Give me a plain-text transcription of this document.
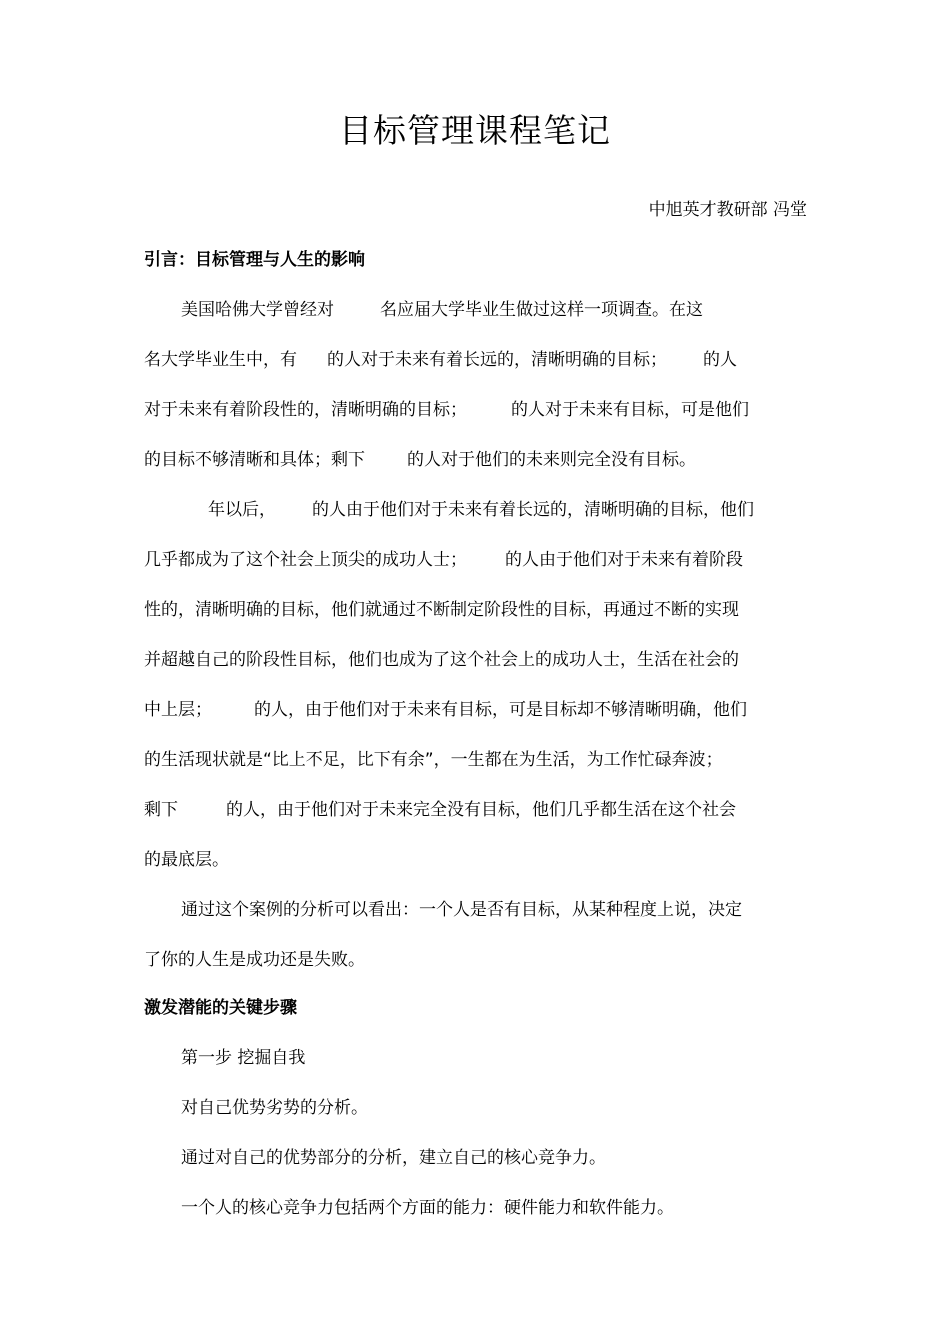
目标管理课程笔记
中旭英才教研部 冯堂
引言：目标管理与人生的影响
美国哈佛大学曾经对	名应届大学毕业生做过这样一项调查。在这
名大学毕业生中，有 的人对于未来有着长远的，清晰明确的目标； 的人
对于未来有着阶段性的，清晰明确的目标；	的人对于未来有目标，可是他们
的目标不够清晰和具体；剩下 的人对于他们的未来则完全没有目标。
年以后， 的人由于他们对于未来有着长远的，清晰明确的目标，他们
几乎都成为了这个社会上顶尖的成功人士； 的人由于他们对于未来有着阶段
性的，清晰明确的目标，他们就通过不断制定阶段性的目标，再通过不断的实现
并超越自己的阶段性目标，他们也成为了这个社会上的成功人士，生活在社会的
中上层； 的人，由于他们对于未来有目标，可是目标却不够清晰明确，他们
的生活现状就是“比上不足，比下有余”，一生都在为生活，为工作忙碌奔波；
剩下	的人，由于他们对于未来完全没有目标，他们几乎都生活在这个社会
的最底层。
通过这个案例的分析可以看出：一个人是否有目标，从某种程度上说，决定
了你的人生是成功还是失败。
激发潜能的关键步骤
第一步 挖掘自我
对自己优势劣势的分析。
通过对自己的优势部分的分析，建立自己的核心竞争力。
一个人的核心竞争力包括两个方面的能力：硬件能力和软件能力。
